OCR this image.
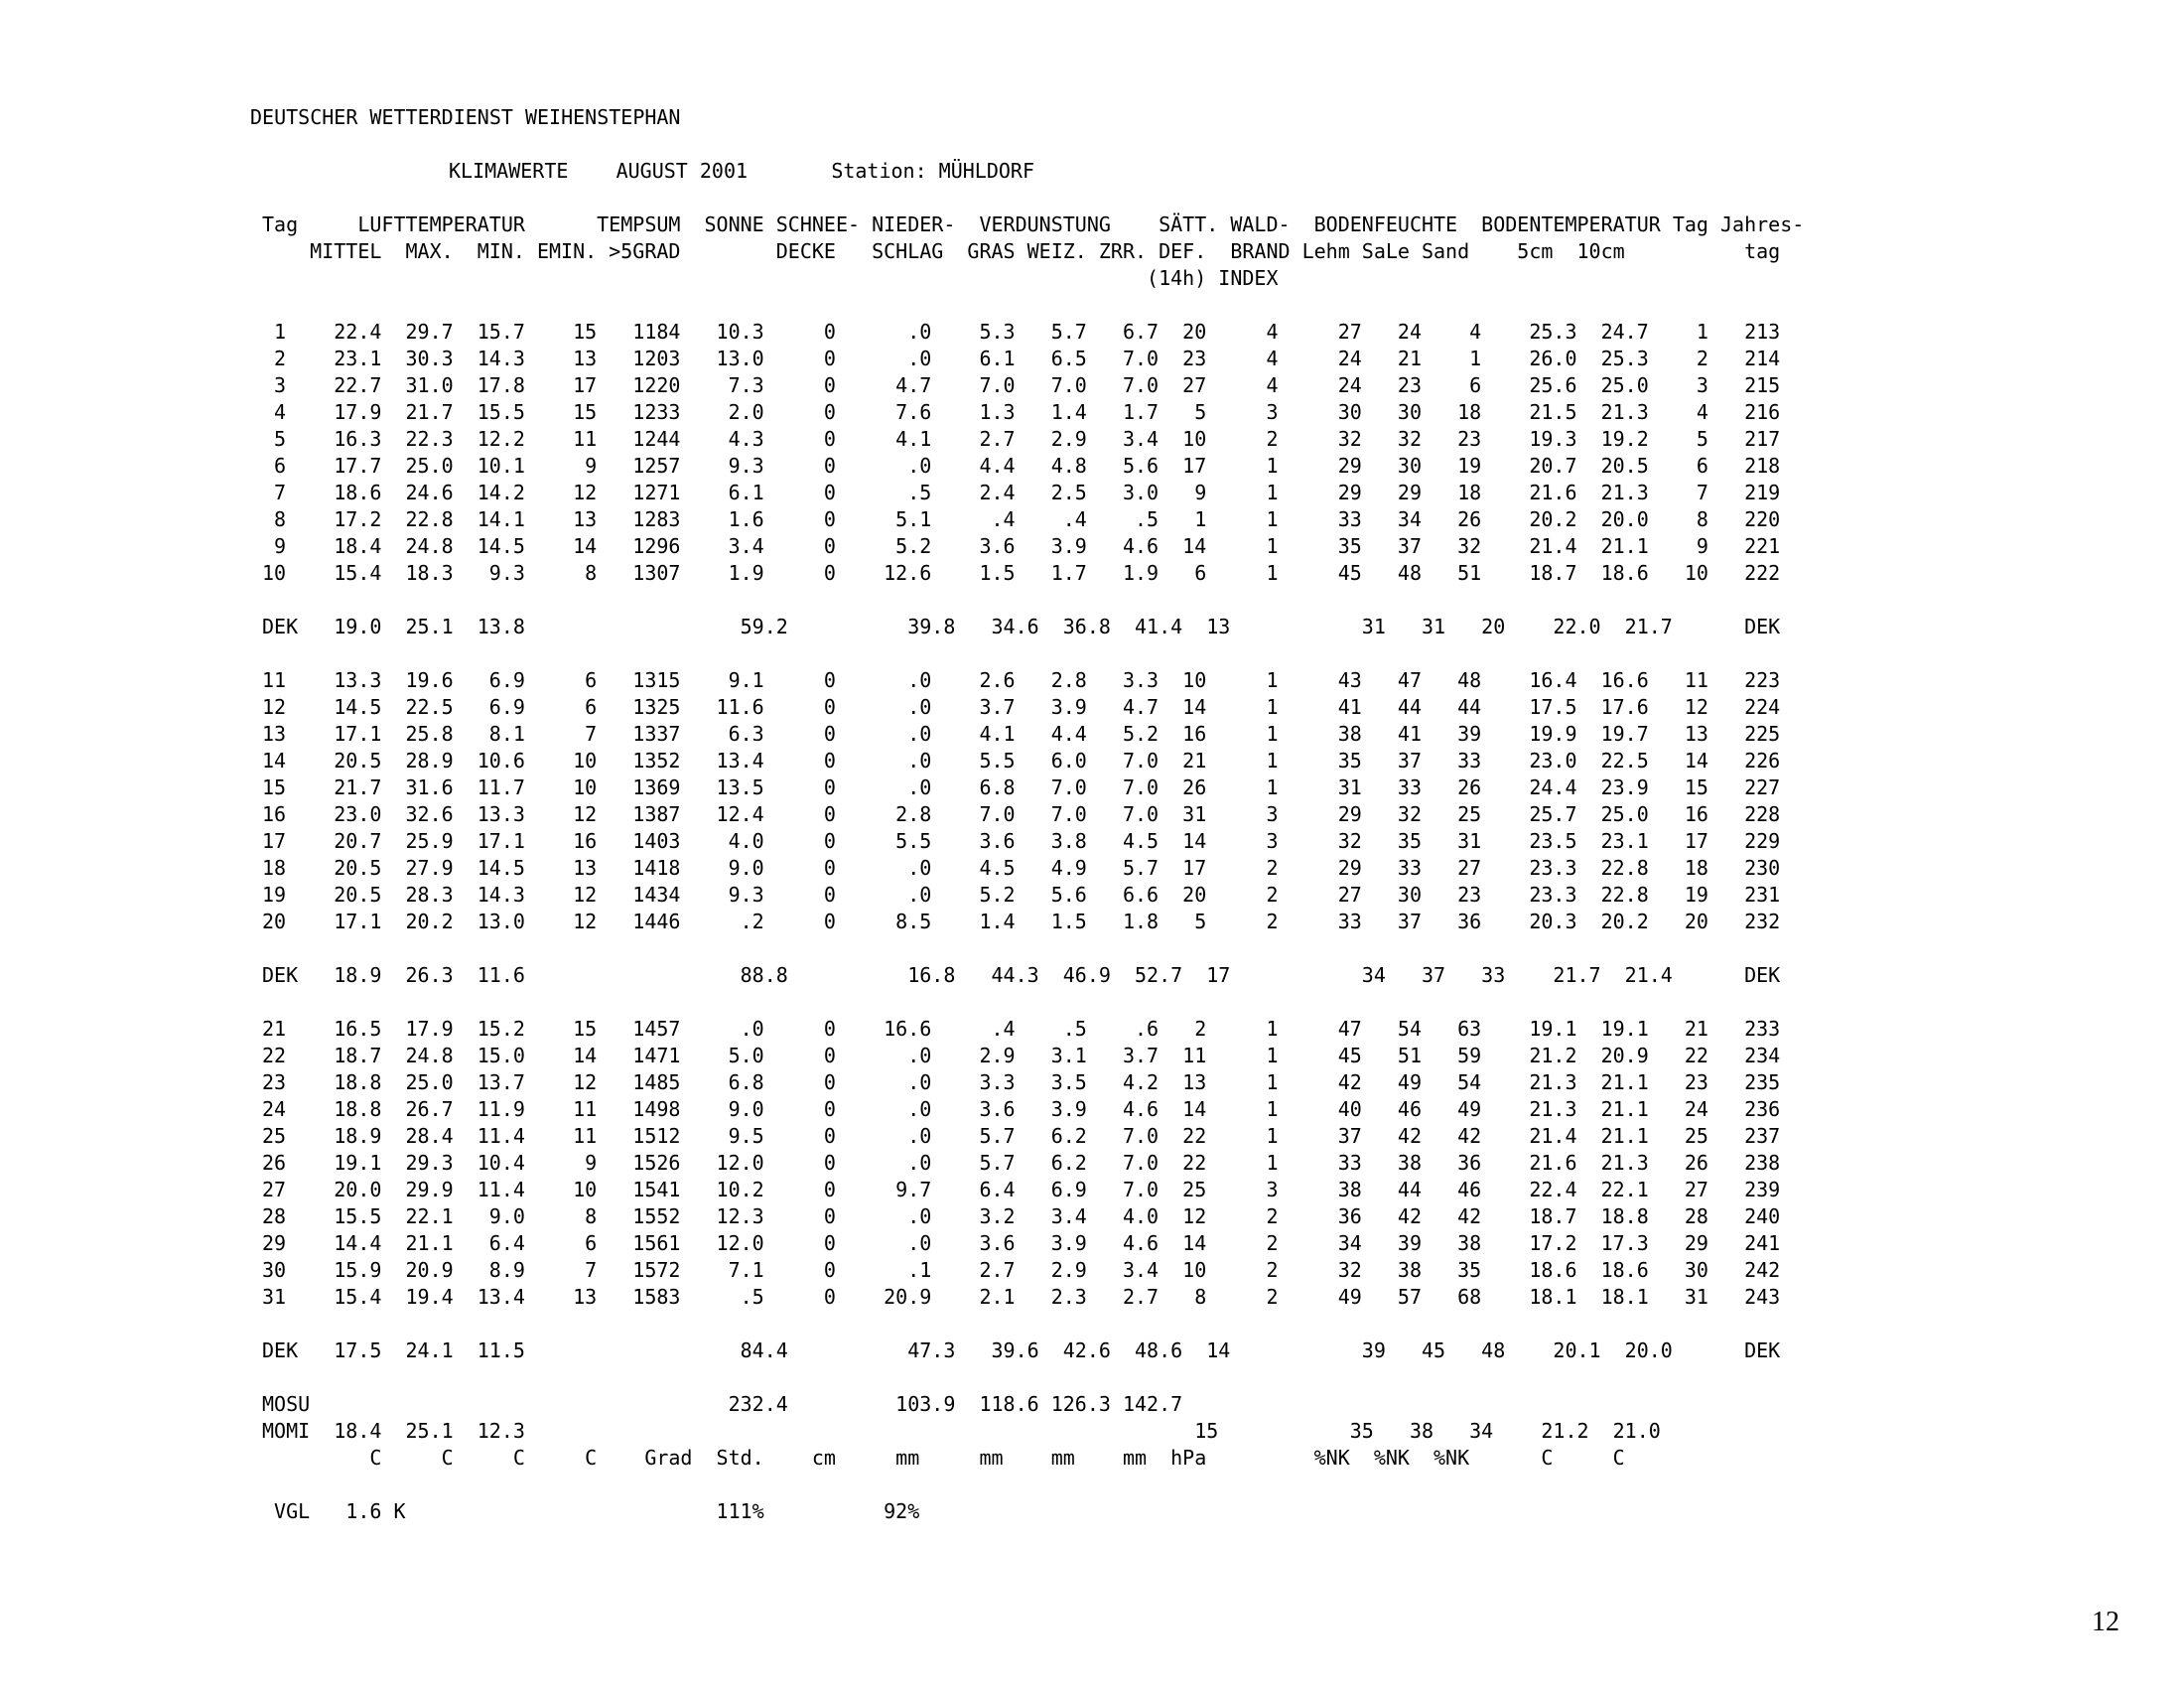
DEUTSCHER WETTERDIENST WEIHENSTEPHAN
KLIMAWERTE    AUGUST 2001       Station: MÜHLDORF
Tag     LUFTTEMPERATUR      TEMPSUM  SONNE SCHNEE- NIEDER-  VERDUNSTUNG    SÄTT. WALD-  BODENFEUCHTE  BODENTEMPERATUR Tag Jahres-
MITTEL  MAX.  MIN. EMIN. >5GRAD        DECKE   SCHLAG  GRAS WEIZ. ZRR. DEF.  BRAND Lehm SaLe Sand    5cm  10cm          tag
(14h) INDEX
1    22.4  29.7  15.7    15   1184   10.3     0      .0    5.3   5.7   6.7  20     4     27   24    4    25.3  24.7    1   213
2    23.1  30.3  14.3    13   1203   13.0     0      .0    6.1   6.5   7.0  23     4     24   21    1    26.0  25.3    2   214
3    22.7  31.0  17.8    17   1220    7.3     0     4.7    7.0   7.0   7.0  27     4     24   23    6    25.6  25.0    3   215
4    17.9  21.7  15.5    15   1233    2.0     0     7.6    1.3   1.4   1.7   5     3     30   30   18    21.5  21.3    4   216
5    16.3  22.3  12.2    11   1244    4.3     0     4.1    2.7   2.9   3.4  10     2     32   32   23    19.3  19.2    5   217
6    17.7  25.0  10.1     9   1257    9.3     0      .0    4.4   4.8   5.6  17     1     29   30   19    20.7  20.5    6   218
7    18.6  24.6  14.2    12   1271    6.1     0      .5    2.4   2.5   3.0   9     1     29   29   18    21.6  21.3    7   219
8    17.2  22.8  14.1    13   1283    1.6     0     5.1     .4    .4    .5   1     1     33   34   26    20.2  20.0    8   220
9    18.4  24.8  14.5    14   1296    3.4     0     5.2    3.6   3.9   4.6  14     1     35   37   32    21.4  21.1    9   221
10    15.4  18.3   9.3     8   1307    1.9     0    12.6    1.5   1.7   1.9   6     1     45   48   51    18.7  18.6   10   222
DEK   19.0  25.1  13.8                  59.2          39.8   34.6  36.8  41.4  13           31   31   20    22.0  21.7      DEK
11    13.3  19.6   6.9     6   1315    9.1     0      .0    2.6   2.8   3.3  10     1     43   47   48    16.4  16.6   11   223
12    14.5  22.5   6.9     6   1325   11.6     0      .0    3.7   3.9   4.7  14     1     41   44   44    17.5  17.6   12   224
13    17.1  25.8   8.1     7   1337    6.3     0      .0    4.1   4.4   5.2  16     1     38   41   39    19.9  19.7   13   225
14    20.5  28.9  10.6    10   1352   13.4     0      .0    5.5   6.0   7.0  21     1     35   37   33    23.0  22.5   14   226
15    21.7  31.6  11.7    10   1369   13.5     0      .0    6.8   7.0   7.0  26     1     31   33   26    24.4  23.9   15   227
16    23.0  32.6  13.3    12   1387   12.4     0     2.8    7.0   7.0   7.0  31     3     29   32   25    25.7  25.0   16   228
17    20.7  25.9  17.1    16   1403    4.0     0     5.5    3.6   3.8   4.5  14     3     32   35   31    23.5  23.1   17   229
18    20.5  27.9  14.5    13   1418    9.0     0      .0    4.5   4.9   5.7  17     2     29   33   27    23.3  22.8   18   230
19    20.5  28.3  14.3    12   1434    9.3     0      .0    5.2   5.6   6.6  20     2     27   30   23    23.3  22.8   19   231
20    17.1  20.2  13.0    12   1446     .2     0     8.5    1.4   1.5   1.8   5     2     33   37   36    20.3  20.2   20   232
DEK   18.9  26.3  11.6                  88.8          16.8   44.3  46.9  52.7  17           34   37   33    21.7  21.4      DEK
21    16.5  17.9  15.2    15   1457     .0     0    16.6     .4    .5    .6   2     1     47   54   63    19.1  19.1   21   233
22    18.7  24.8  15.0    14   1471    5.0     0      .0    2.9   3.1   3.7  11     1     45   51   59    21.2  20.9   22   234
23    18.8  25.0  13.7    12   1485    6.8     0      .0    3.3   3.5   4.2  13     1     42   49   54    21.3  21.1   23   235
24    18.8  26.7  11.9    11   1498    9.0     0      .0    3.6   3.9   4.6  14     1     40   46   49    21.3  21.1   24   236
25    18.9  28.4  11.4    11   1512    9.5     0      .0    5.7   6.2   7.0  22     1     37   42   42    21.4  21.1   25   237
26    19.1  29.3  10.4     9   1526   12.0     0      .0    5.7   6.2   7.0  22     1     33   38   36    21.6  21.3   26   238
27    20.0  29.9  11.4    10   1541   10.2     0     9.7    6.4   6.9   7.0  25     3     38   44   46    22.4  22.1   27   239
28    15.5  22.1   9.0     8   1552   12.3     0      .0    3.2   3.4   4.0  12     2     36   42   42    18.7  18.8   28   240
29    14.4  21.1   6.4     6   1561   12.0     0      .0    3.6   3.9   4.6  14     2     34   39   38    17.2  17.3   29   241
30    15.9  20.9   8.9     7   1572    7.1     0      .1    2.7   2.9   3.4  10     2     32   38   35    18.6  18.6   30   242
31    15.4  19.4  13.4    13   1583     .5     0    20.9    2.1   2.3   2.7   8     2     49   57   68    18.1  18.1   31   243
DEK   17.5  24.1  11.5                  84.4          47.3   39.6  42.6  48.6  14           39   45   48    20.1  20.0      DEK
MOSU                                   232.4         103.9  118.6 126.3 142.7
MOMI  18.4  25.1  12.3                                                        15           35   38   34    21.2  21.0
C     C     C     C    Grad  Std.    cm     mm     mm    mm    mm  hPa         %NK  %NK  %NK      C     C
VGL   1.6 K                          111%          92%
12
